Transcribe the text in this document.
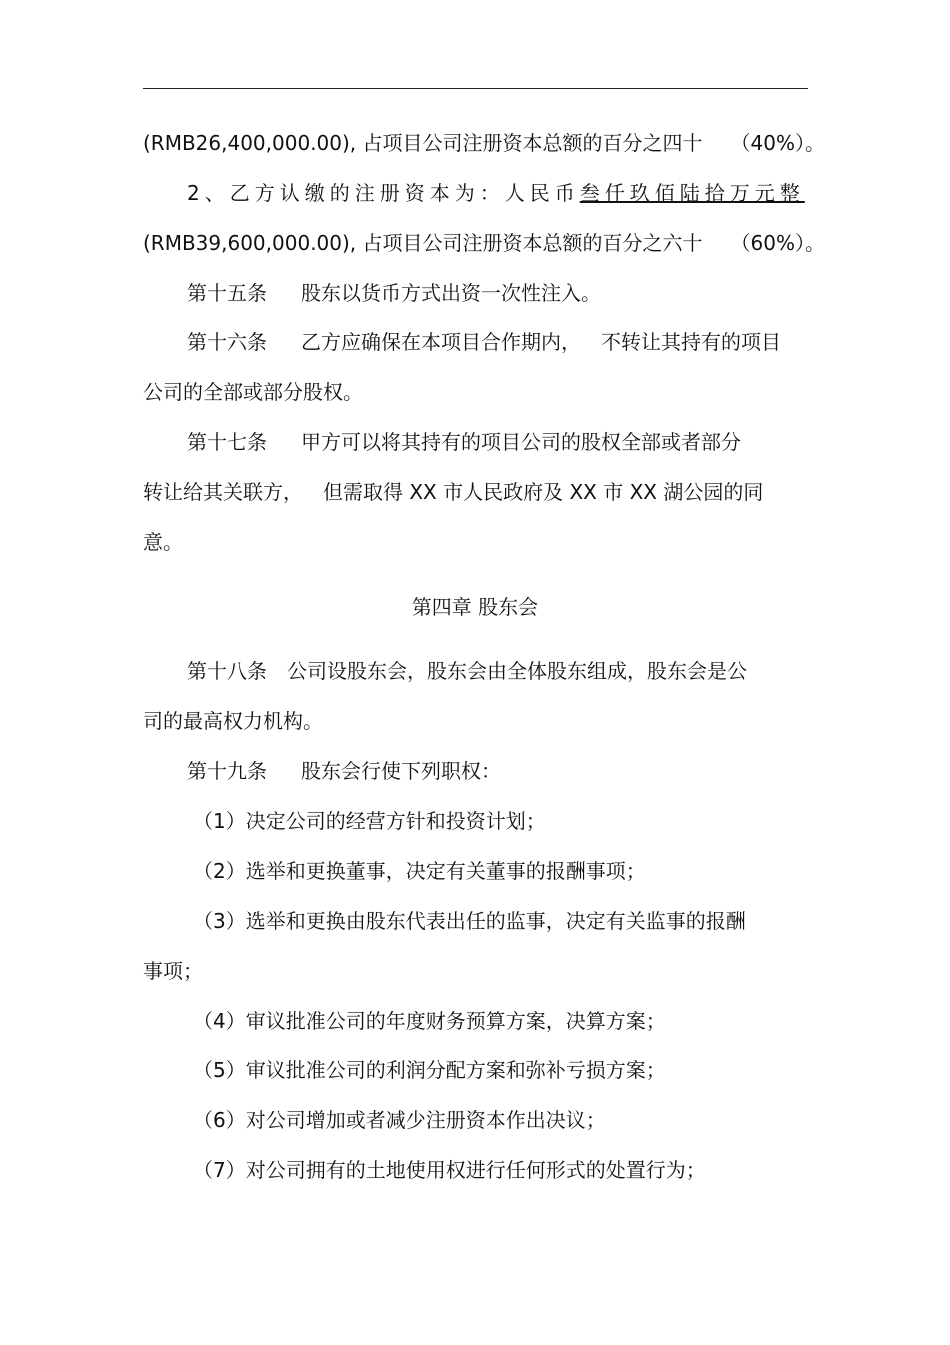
(RMB26,400,000.00), 占项目公司注册资本总额的百分之四十 （40%）。
2、乙方认缴的注册资本为：人民币叁仟玖佰陆拾万元整
(RMB39,600,000.00), 占项目公司注册资本总额的百分之六十 （60%）。
第十五条 股东以货币方式出资一次性注入。
第十六条 乙方应确保在本项目合作期内， 不转让其持有的项目
公司的全部或部分股权。
第十七条 甲方可以将其持有的项目公司的股权全部或者部分
转让给其关联方， 但需取得 XX 市人民政府及 XX 市 XX 湖公园的同
意。
第四章 股东会
第十八条 公司设股东会，股东会由全体股东组成，股东会是公
司的最高权力机构。
第十九条 股东会行使下列职权：
（1）决定公司的经营方针和投资计划；
（2）选举和更换董事，决定有关董事的报酬事项；
（3）选举和更换由股东代表出任的监事，决定有关监事的报酬
事项；
（4）审议批准公司的年度财务预算方案，决算方案；
（5）审议批准公司的利润分配方案和弥补亏损方案；
（6）对公司增加或者减少注册资本作出决议；
（7）对公司拥有的土地使用权进行任何形式的处置行为；
